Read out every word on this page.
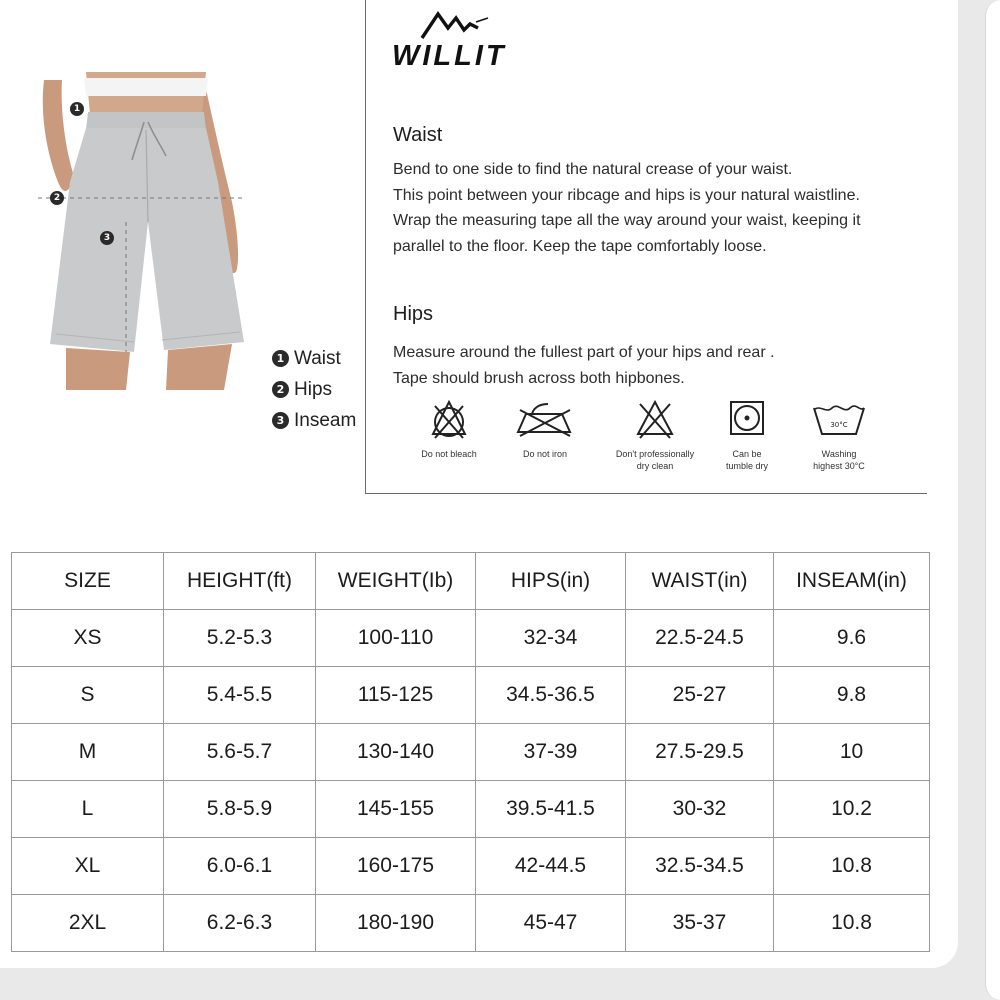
1
2
3
1 Waist
2 Hips
3 Inseam
WILLIT
Waist
Bend to one side to find the natural crease of your waist.
This point between your ribcage and hips is your natural waistline.
Wrap the measuring tape all the way around your waist, keeping it
parallel to the floor. Keep the tape comfortably loose.
Hips
Measure around the fullest part of your hips and rear .
Tape should brush across both hipbones.
Do not bleach	Do not iron	Don't professionally
dry clean
Can be
tumble dry
30°C
Washing
highest 30°C
SIZE	HEIGHT(ft)	WEIGHT(Ib)	HIPS(in)	WAIST(in)	INSEAM(in)
XS	5.2-5.3	100-110	32-34	22.5-24.5	9.6
S	5.4-5.5	115-125	34.5-36.5	25-27	9.8
M	5.6-5.7	130-140	37-39	27.5-29.5	10
L	5.8-5.9	145-155	39.5-41.5	30-32	10.2
XL	6.0-6.1	160-175	42-44.5	32.5-34.5	10.8
2XL	6.2-6.3	180-190	45-47	35-37	10.8
